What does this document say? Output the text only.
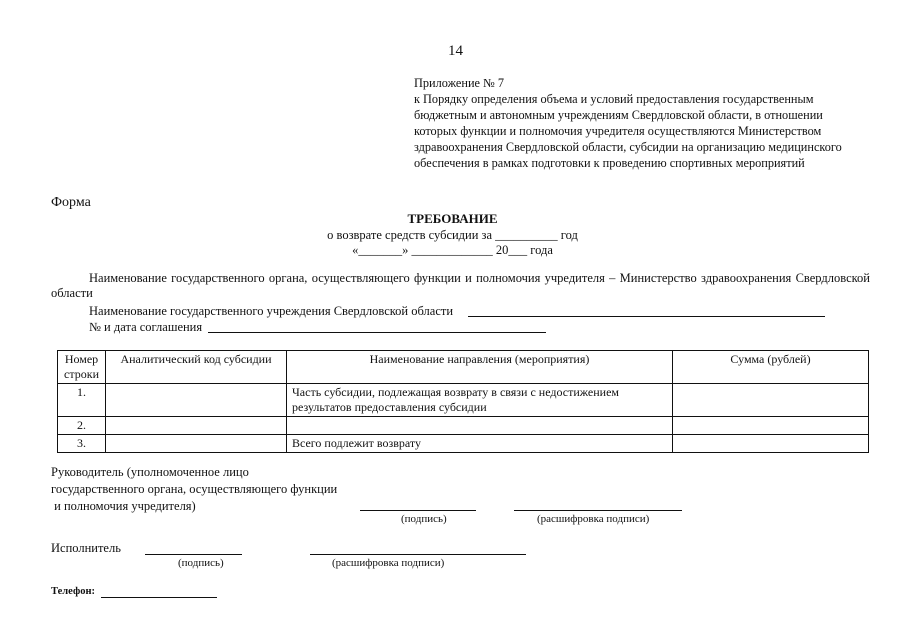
14
Приложение № 7
к Порядку определения объема и условий предоставления государственным
бюджетным и автономным учреждениям Свердловской области, в отношении
которых функции и полномочия учредителя осуществляются Министерством
здравоохранения Свердловской области, субсидии на организацию медицинского
обеспечения в рамках подготовки к проведению спортивных мероприятий
Форма
ТРЕБОВАНИЕ
о возврате средств субсидии за __________ год
«_______» _____________ 20___ года
Наименование государственного органа, осуществляющего функции и полномочия учредителя – Министерство здравоохранения Свердловской области
Наименование государственного учреждения Свердловской области
№ и дата соглашения
Номер строки	Аналитический код субсидии	Наименование направления (мероприятия)	Сумма (рублей)
1.		Часть субсидии, подлежащая возврату в связи с недостижением результатов предоставления субсидии	
2.			
3.		Всего подлежит возврату	
Руководитель (уполномоченное лицо
государственного органа, осуществляющего функции
и полномочия учредителя)
(подпись)	(расшифровка подписи)
Исполнитель
(подпись)	(расшифровка подписи)
Телефон:
